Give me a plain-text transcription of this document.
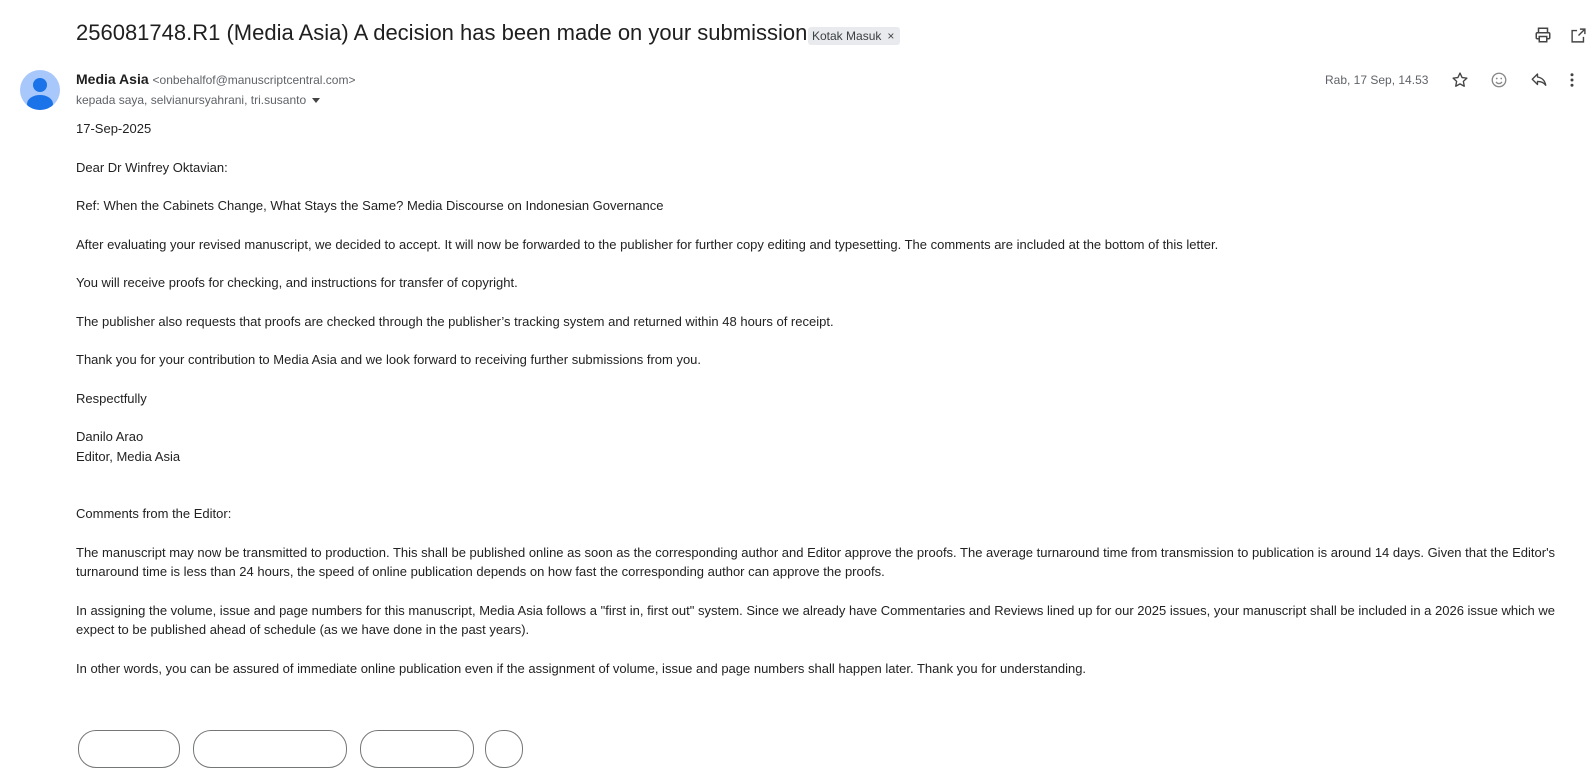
256081748.R1 (Media Asia) A decision has been made on your submission Kotak Masuk ×
Media Asia <onbehalfof@manuscriptcentral.com>
kepada saya, selvianursyahrani, tri.susanto
Rab, 17 Sep, 14.53

17-Sep-2025

Dear Dr Winfrey Oktavian:

Ref: When the Cabinets Change, What Stays the Same? Media Discourse on Indonesian Governance

After evaluating your revised manuscript, we decided to accept. It will now be forwarded to the publisher for further copy editing and typesetting. The comments are included at the bottom of this letter.

You will receive proofs for checking, and instructions for transfer of copyright.

The publisher also requests that proofs are checked through the publisher’s tracking system and returned within 48 hours of receipt.

Thank you for your contribution to Media Asia and we look forward to receiving further submissions from you.

Respectfully

Danilo Arao

Editor, Media Asia

Comments from the Editor:

The manuscript may now be transmitted to production. This shall be published online as soon as the corresponding author and Editor approve the proofs. The average turnaround time from transmission to publication is around 14 days. Given that the Editor's turnaround time is less than 24 hours, the speed of online publication depends on how fast the corresponding author can approve the proofs.

In assigning the volume, issue and page numbers for this manuscript, Media Asia follows a "first in, first out" system. Since we already have Commentaries and Reviews lined up for our 2025 issues, your manuscript shall be included in a 2026 issue which we expect to be published ahead of schedule (as we have done in the past years).

In other words, you can be assured of immediate online publication even if the assignment of volume, issue and page numbers shall happen later. Thank you for understanding.
